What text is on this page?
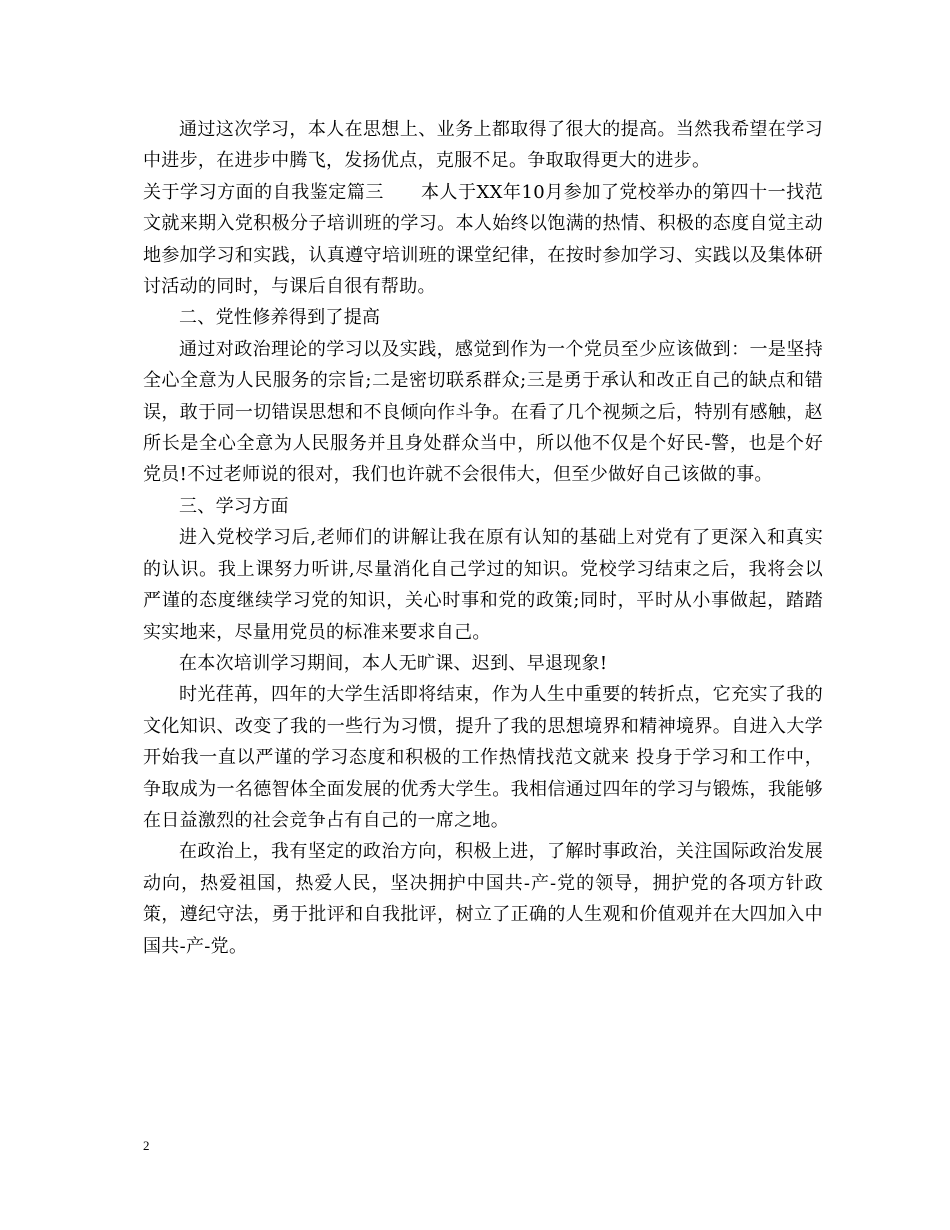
通过这次学习，本人在思想上、业务上都取得了很大的提高。当然我希望在学习中进步，在进步中腾飞，发扬优点，克服不足。争取取得更大的进步。

关于学习方面的自我鉴定篇三　　本人于XX年10月参加了党校举办的第四十一找范文就来期入党积极分子培训班的学习。本人始终以饱满的热情、积极的态度自觉主动地参加学习和实践，认真遵守培训班的课堂纪律，在按时参加学习、实践以及集体研讨活动的同时，与课后自很有帮助。

二、党性修养得到了提高

通过对政治理论的学习以及实践，感觉到作为一个党员至少应该做到：一是坚持全心全意为人民服务的宗旨;二是密切联系群众;三是勇于承认和改正自己的缺点和错误，敢于同一切错误思想和不良倾向作斗争。在看了几个视频之后，特别有感触，赵所长是全心全意为人民服务并且身处群众当中，所以他不仅是个好民-警，也是个好党员!不过老师说的很对，我们也许就不会很伟大，但至少做好自己该做的事。

三、学习方面

进入党校学习后,老师们的讲解让我在原有认知的基础上对党有了更深入和真实的认识。我上课努力听讲,尽量消化自己学过的知识。党校学习结束之后，我将会以严谨的态度继续学习党的知识，关心时事和党的政策;同时，平时从小事做起，踏踏实实地来，尽量用党员的标准来要求自己。

在本次培训学习期间，本人无旷课、迟到、早退现象!

时光荏苒，四年的大学生活即将结束，作为人生中重要的转折点，它充实了我的文化知识、改变了我的一些行为习惯，提升了我的思想境界和精神境界。自进入大学开始我一直以严谨的学习态度和积极的工作热情找范文就来 投身于学习和工作中，争取成为一名德智体全面发展的优秀大学生。我相信通过四年的学习与锻炼，我能够在日益激烈的社会竞争占有自己的一席之地。

在政治上，我有坚定的政治方向，积极上进，了解时事政治，关注国际政治发展动向，热爱祖国，热爱人民，坚决拥护中国共-产-党的领导，拥护党的各项方针政策，遵纪守法，勇于批评和自我批评，树立了正确的人生观和价值观并在大四加入中国共-产-党。

2
